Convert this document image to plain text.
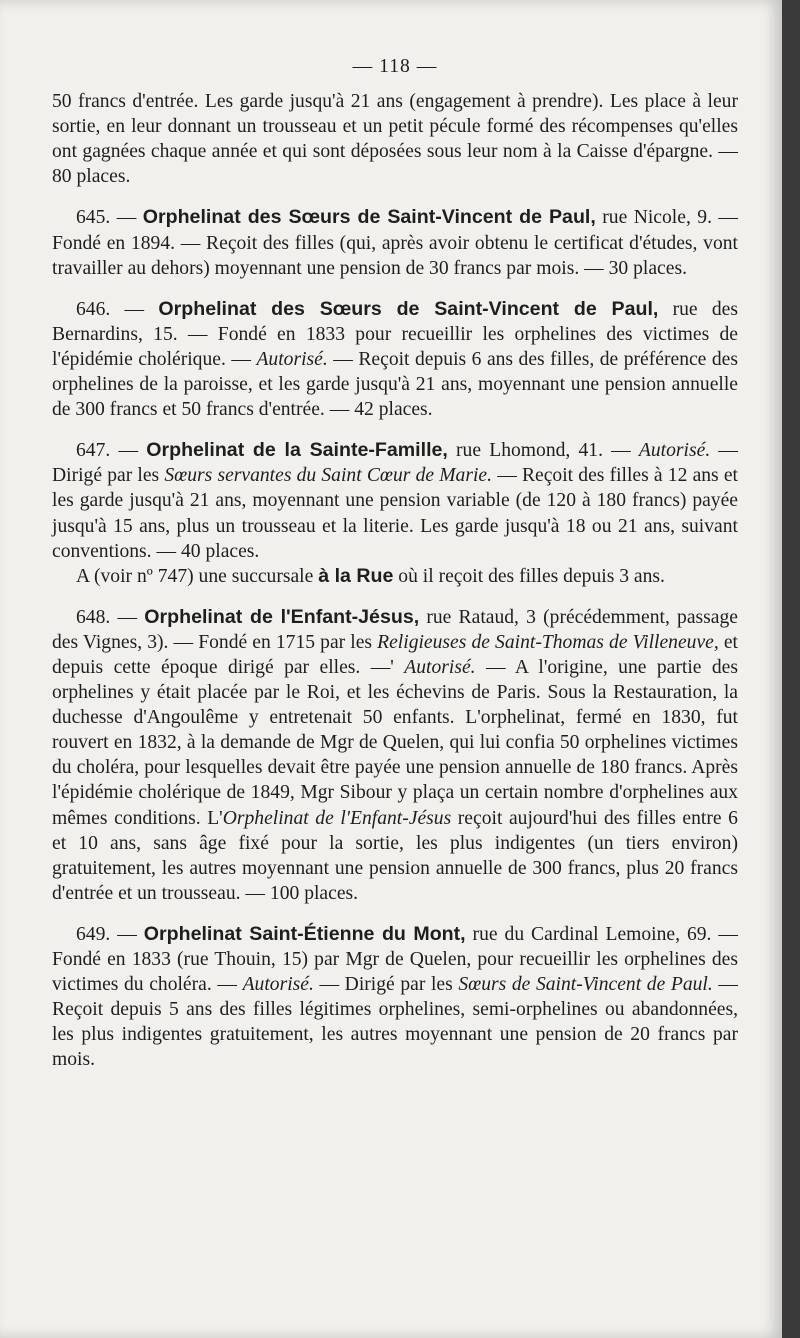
— 118 —

50 francs d'entrée. Les garde jusqu'à 21 ans (engagement à prendre). Les place à leur sortie, en leur donnant un trousseau et un petit pécule formé des récompenses qu'elles ont gagnées chaque année et qui sont déposées sous leur nom à la Caisse d'épargne. — 80 places.

645. — Orphelinat des Sœurs de Saint-Vincent de Paul, rue Nicole, 9. — Fondé en 1894. — Reçoit des filles (qui, après avoir obtenu le certificat d'études, vont travailler au dehors) moyennant une pension de 30 francs par mois. — 30 places.

646. — Orphelinat des Sœurs de Saint-Vincent de Paul, rue des Bernardins, 15. — Fondé en 1833 pour recueillir les orphelines des victimes de l'épidémie cholérique. — Autorisé. — Reçoit depuis 6 ans des filles, de préférence des orphelines de la paroisse, et les garde jusqu'à 21 ans, moyennant une pension annuelle de 300 francs et 50 francs d'entrée. — 42 places.

647. — Orphelinat de la Sainte-Famille, rue Lhomond, 41. — Autorisé. — Dirigé par les Sœurs servantes du Saint Cœur de Marie. — Reçoit des filles à 12 ans et les garde jusqu'à 21 ans, moyennant une pension variable (de 120 à 180 francs) payée jusqu'à 15 ans, plus un trousseau et la literie. Les garde jusqu'à 18 ou 21 ans, suivant conventions. — 40 places.

A (voir nº 747) une succursale à la Rue où il reçoit des filles depuis 3 ans.

648. — Orphelinat de l'Enfant-Jésus, rue Rataud, 3 (précédemment, passage des Vignes, 3). — Fondé en 1715 par les Religieuses de Saint-Thomas de Villeneuve, et depuis cette époque dirigé par elles. —' Autorisé. — A l'origine, une partie des orphelines y était placée par le Roi, et les échevins de Paris. Sous la Restauration, la duchesse d'Angoulême y entretenait 50 enfants. L'orphelinat, fermé en 1830, fut rouvert en 1832, à la demande de Mgr de Quelen, qui lui confia 50 orphelines victimes du choléra, pour lesquelles devait être payée une pension annuelle de 180 francs. Après l'épidémie cholérique de 1849, Mgr Sibour y plaça un certain nombre d'orphelines aux mêmes conditions. L'Orphelinat de l'Enfant-Jésus reçoit aujourd'hui des filles entre 6 et 10 ans, sans âge fixé pour la sortie, les plus indigentes (un tiers environ) gratuitement, les autres moyennant une pension annuelle de 300 francs, plus 20 francs d'entrée et un trousseau. — 100 places.

649. — Orphelinat Saint-Étienne du Mont, rue du Cardinal Lemoine, 69. — Fondé en 1833 (rue Thouin, 15) par Mgr de Quelen, pour recueillir les orphelines des victimes du choléra. — Autorisé. — Dirigé par les Sœurs de Saint-Vincent de Paul. — Reçoit depuis 5 ans des filles légitimes orphelines, semi-orphelines ou abandonnées, les plus indigentes gratuitement, les autres moyennant une pension de 20 francs par mois.
